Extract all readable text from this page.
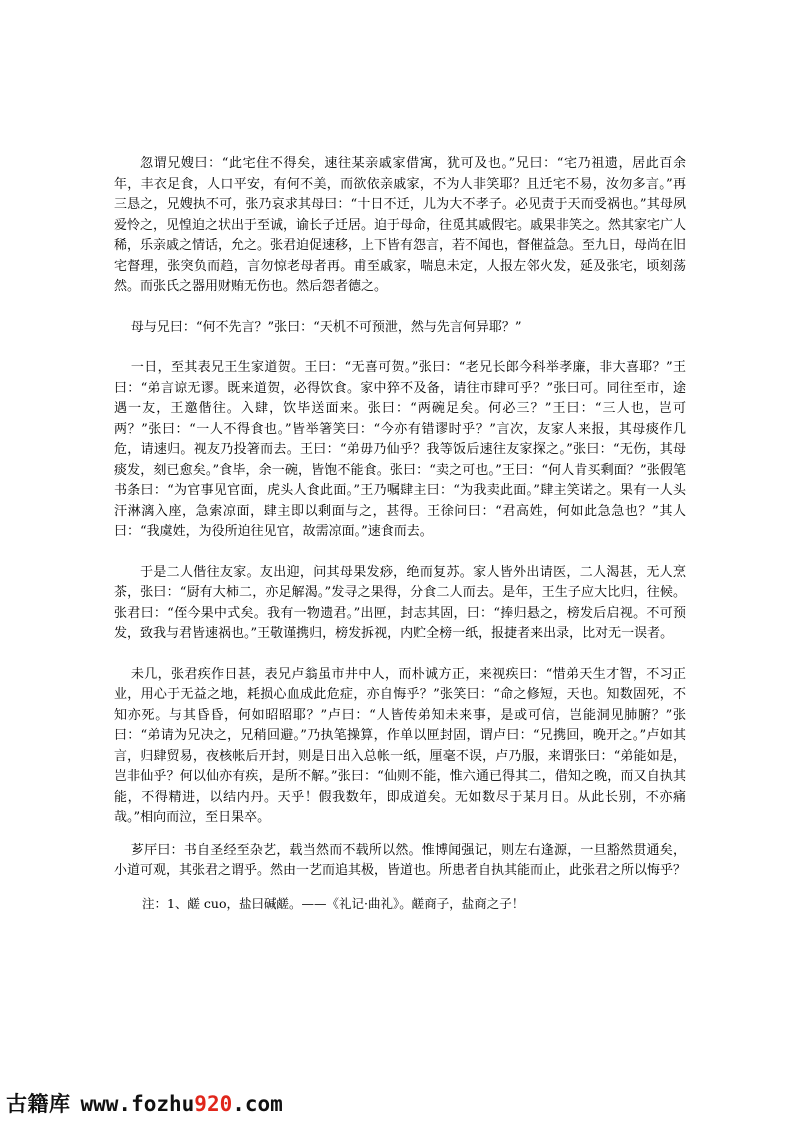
忽谓兄嫂曰：“此宅住不得矣，速往某亲戚家借寓，犹可及也。”兄曰：“宅乃祖遗，居此百余年，丰衣足食，人口平安，有何不美，而欲依亲戚家，不为人非笑耶？且迁宅不易，汝勿多言。”再三恳之，兄嫂执不可，张乃哀求其母曰：“十日不迁，儿为大不孝子。必见责于天而受祸也。”其母夙爱怜之，见惶迫之状出于至诚，谕长子迁居。迫于母命，往觅其戚假宅。戚果非笑之。然其家宅广人稀，乐亲戚之情话，允之。张君迫促速移，上下皆有怨言，若不闻也，督催益急。至九日，母尚在旧宅督理，张突负而趋，言勿惊老母者再。甫至戚家，喘息未定，人报左邻火发，延及张宅，顷刻荡然。而张氏之器用财贿无伤也。然后怨者德之。

母与兄曰：“何不先言？”张曰：“天机不可预泄，然与先言何异耶？”

一日，至其表兄王生家道贺。王曰：“无喜可贺。”张曰：“老兄长郎今科举孝廉，非大喜耶？”王曰：“弟言谅无谬。既来道贺，必得饮食。家中猝不及备，请往市肆可乎？”张曰可。同往至市，途遇一友，王邀偕往。入肆，饮毕送面来。张曰：“两碗足矣。何必三？”王曰：“三人也，岂可两？”张曰：“一人不得食也。”皆举箸笑曰：“今亦有错谬时乎？”言次，友家人来报，其母痰作几危，请速归。视友乃投箸而去。王曰：“弟毋乃仙乎？我等饭后速往友家探之。”张曰：“无伤，其母痰发，刻已愈矣。”食毕，余一碗，皆饱不能食。张曰：“卖之可也。”王曰：“何人肯买剩面？”张假笔书条曰：“为官事见官面，虎头人食此面。”王乃嘱肆主曰：“为我卖此面。”肆主笑诺之。果有一人头汗淋漓入座，急索凉面，肆主即以剩面与之，甚得。王徐问曰：“君高姓，何如此急急也？”其人曰：“我虞姓，为役所迫往见官，故需凉面。”速食而去。

于是二人偕往友家。友出迎，问其母果发痧，绝而复苏。家人皆外出请医，二人渴甚，无人烹茶，张曰：“厨有大柿二，亦足解渴。”发寻之果得，分食二人而去。是年，王生子应大比归，往候。张君曰：“侄今果中式矣。我有一物遗君。”出匣，封志其固，曰：“捧归悬之，榜发后启视。不可预发，致我与君皆速祸也。”王敬谨携归，榜发拆视，内贮全榜一纸，报捷者来出录，比对无一误者。

未几，张君疾作日甚，表兄卢翁虽市井中人，而朴诚方正，来视疾曰：“惜弟天生才智，不习正业，用心于无益之地，耗损心血成此危症，亦自悔乎？”张笑曰：“命之修短，天也。知数固死，不知亦死。与其昏昏，何如昭昭耶？”卢曰：“人皆传弟知未来事，是或可信，岂能洞见肺腑？”张曰：“弟请为兄决之，兄稍回避。”乃执笔操算，作单以匣封固，谓卢曰：“兄携回，晚开之。”卢如其言，归肆贸易，夜核帐后开封，则是日出入总帐一纸，厘毫不误，卢乃服，来谓张曰：“弟能如是，岂非仙乎？何以仙亦有疾，是所不解。”张曰：“仙则不能，惟六通已得其二，借知之晚，而又自执其能，不得精进，以结内丹。天乎！假我数年，即成道矣。无如数尽于某月日。从此长别，不亦痛哉。”相向而泣，至日果卒。

芗厈曰：书自圣经至杂艺，载当然而不载所以然。惟博闻强记，则左右逢源，一旦豁然贯通矣，小道可观，其张君之谓乎。然由一艺而追其极，皆道也。所患者自执其能而止，此张君之所以悔乎？

注：1、鹾 cuo，盐曰碱鹾。——《礼记·曲礼》。鹾商子，盐商之子！

古籍库 www.fozhu920.com
